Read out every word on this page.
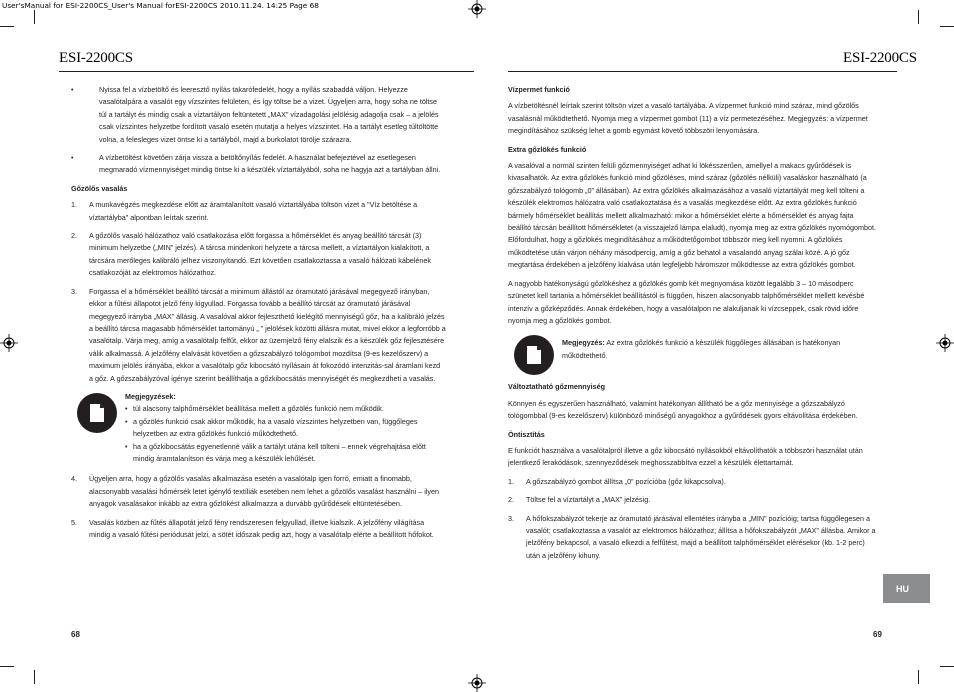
User'sManual for ESI-2200CS_User's Manual forESI-2200CS 2010.11.24. 14:25 Page 68
ESI-2200CS
•	Nyissa fel a vízbetöltő és leeresztő nyílás takarófedelét, hogy a nyílás szabaddá váljon. Helyezze vasalótalpára a vasalót egy vízszintes felületen, és így töltse be a vizet. Ügyeljen arra, hogy soha ne töltse túl a tartályt és mindig csak a víztartályon feltüntetett „MAX” vízadagolási jelölésig adagolja csak – a jelölés csak vízszintes helyzetbe fordított vasaló esetén mutatja a helyes vízszintet. Ha a tartályt esetleg túltöltötte volna, a felesleges vizet öntse ki a tartályból, majd a burkolatot törölje szárazra.
•	A vízbetöltést követően zárja vissza a betöltőnyílás fedelét. A használat befejeztével az esetlegesen megmaradó vízmennyiséget mindig öntse ki a készülék víztartályából, soha ne hagyja azt a tartályban állni.
Gőzölős vasalás
1. A munkavégzés megkezdése előtt az áramtalanított vasaló víztartályába töltsön vizet a "Víz betöltése a víztartályba" alpontban leírtak szerint.
2. A gőzölős vasaló hálózathoz való csatlakozása előtt forgassa a hőmérséklet és anyag beállító tárcsát (3) minimum helyzetbe („MIN” jelzés). A tárcsa mindenkori helyzete a tárcsa mellett, a víztartályon kialakított, a tárcsára merőleges kalibráló jelhez viszonyítandó. Ezt követően csatlakoztassa a vasaló hálózati kábelének csatlakozóját az elektromos hálózathoz.
3. Forgassa el a hőmérséklet beállító tárcsát a minimum állástól az óramutató járásával megegyező irányban, ekkor a fűtési állapotot jelző fény kigyullad. Forgassa tovább a beállító tárcsát az óramutató járásával megegyező irányba „MAX” állásig. A vasalóval akkor fejleszthető kielégítő mennyiségű gőz, ha a kalibráló jelzés a beállító tárcsa magasabb hőmérséklet tartományú „ ” jelölések közötti állásra mutat, mivel ekkor a legforróbb a vasalótalp. Várja meg, amíg a vasalótalp felfűt, ekkor az üzemjelző fény elalszik és a készülék gőz fejlesztésére válik alkalmassá. A jelzőfény elalvását követően a gőzszabályzó tológombot mozdítsa (9-es kezelőszerv) a maximum jelölés irányába, ekkor a vasalótalp gőz kibocsátó nyílásain át fokozódó intenzitás-sal áramlani kezd a gőz. A gőzszabályzóval igénye szerint beállíthatja a gőzkibocsátás mennyiségét és megkezdheti a vasalás.
Megjegyzések:
• túl alacsony talphőmérséklet beállítása mellett a gőzölés funkció nem működik.
• a gőzölés funkció csak akkor működik, ha a vasaló vízszintes helyzetben van, függőleges helyzetben az extra gőzlökés funkció működtethető.
• ha a gőzkibocsátás egyenetlenné válik a tartályt utána kell tölteni – ennek végrehajtása előtt mindig áramtalanítson és várja meg a készülék lehűlését.
4. Ügyeljen arra, hogy a gőzölős vasalás alkalmazása esetén a vasalótalp igen forró, emiatt a finomabb, alacsonyabb vasalási hőmérsék letet igénylő textíliák esetében nem lehet a gőzölős vasalást használni – ilyen anyagok vasalásakor inkább az extra gőzlökést alkalmazza a durvább gyűrődések eltüntetésében.
5. Vasalás közben az fűtés állapotát jelző fény rendszeresen felgyullad, illetve kialszik. A jelzőfény világítása mindig a vasaló fűtési periódusát jelzi, a sötét időszak pedig azt, hogy a vasalótalp elérte a beállított hőfokot.
68
ESI-2200CS
Vízpermet funkció

A vízbetöltésnél leírtak szerint töltsön vizet a vasaló tartályába. A vízpermet funkció mind száraz, mind gőzölős vasalásnál működtethető. Nyomja meg a vízpermet gombot (11) a víz permetezéséhez. Megjegyzés: a vízpermet megindításához szükség lehet a gomb egymást követő többszöri lenyomására.

Extra gőzlökés funkció

A vasalóval a normál szinten felüli gőzmennyiséget adhat ki lökésszerűen, amellyel a makacs gyűrődések is kivasalhatók. Az extra gőzlökés funkció mind gőzöléses, mind száraz (gőzölés nélküli) vasaláskor használható (a gőzszabályzó tológomb „0” állásában). Az extra gőzlökés alkalmazásához a vasaló víztartályát meg kell tölteni a készülék elektromos hálózatra való csatlakoztatása és a vasalás megkezdése előtt. Az extra gőzlökés funkció bármely hőmérséklet beállítás mellett alkalmazható: mikor a hőmérséklet elérte a hőmérséklet és anyag fajta beállító tárcsán beállított hőmérsékletet (a visszajelző lámpa elaludt), nyomja meg az extra gőzlökés nyomógombot. Előfordulhat, hogy a gőzlökés megindításához a működtetőgombot többször meg kell nyomni. A gőzlökés működtetése után várjon néhány másodpercig, amíg a gőz behatol a vasalandó anyag szálai közé. A jó gőz megtartása érdekében a jelzőfény kialvása után legfeljebb háromszor működtesse az extra gőzlökés gombot.

A nagyobb hatékonyságú gőzlökéshez a gőzlökés gomb két megnyomása között legalább 3 – 10 másodperc szünetet kell tartania a hőmérséklet beállítástól is függően, hiszen alacsonyabb talphőmérséklet mellett kevésbé intenzív a gőzképződés. Annak érdekében, hogy a vasalótalpon ne alakuljanak ki vízcseppek, csak rövid időre nyomja meg a gőzlökés gombot.

Megjegyzés: Az extra gőzlökés funkció a készülék függőleges állásában is hatékonyan működtethető.
Változtatható gőzmennyiség

Könnyen és egyszerűen használható, valamint hatékonyan állítható be a gőz mennyisége a gőzszabályzó tológombbal (9-es kezelőszerv) különböző minőségű anyagokhoz a gyűrődések gyors eltávolítása érdekében.

Öntisztítás

E funkciót használva a vasalótalpról illetve a gőz kibocsátó nyílásokból eltávolíthatók a többszöri használat után jelentkező lerakódások, szennyeződések meghosszabbítva ezzel a készülék élettartamát.

1. A gőzszabályzó gombot állítsa „0” pozícióba (gőz kikapcsolva).
2. Töltse fel a víztartályt a „MAX” jelzésig.
3. A hőfokszabályzót tekerje az óramutató járásával ellentétes irányba a „MIN” pozícióig; tartsa függőlegesen a vasalót; csatlakoztassa a vasalót az elektromos hálózathoz; állítsa a hőfokszabályzót „MAX” állásba. Amikor a jelzőfény bekapcsol, a vasaló elkezdi a felfűtést, majd a beállított talphőmérséklet elérésekor (kb. 1-2 perc) után a jelzőfény kihuny.
HU
69
